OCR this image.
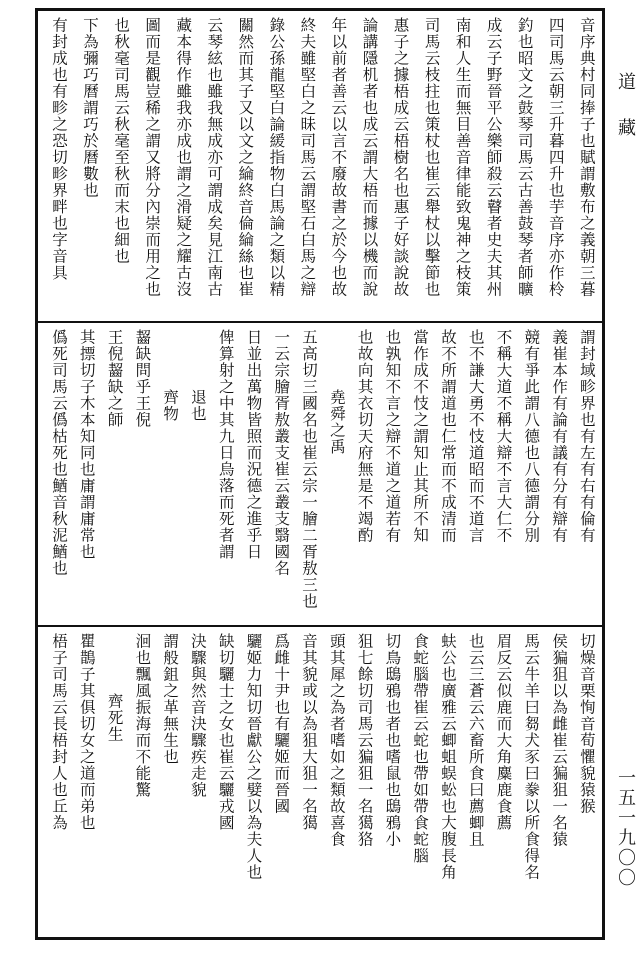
音序典村同捧子也賦謂敷布之義朝三暮
四司馬云朝三升暮四升也芋音序亦作柃
釣也昭文之鼓琴司馬云古善鼓琴者師曠
成云子野晉平公樂師殺云瞽者史夫其州
南和人生而無目善音律能致鬼神之枝策
司馬云枝拄也策杖也崔云舉杖以擊節也
惠子之據梧成云梧樹名也惠子好談說故
論講隱机者也成云謂大梧而據以機而說
年以前者善云以言不廢故書之於今也故
終夫雖堅白之昧司馬云謂堅石白馬之辯
錄公孫龍堅白論緩指物白馬論之類以精
關然而其子又以文之綸終音倫綸絲也崔
云琴絃也雖我無成亦可謂成矣見江南古
藏本得作雖我亦成也謂之滑疑之耀古沒
圖而是觀豈稀之謂又將分內崇而用之也
也秋毫司馬云秋毫至秋而末也細也
下為彌巧曆謂巧於曆數也
有封成也有畛之恐切畛界畔也字音具
謂封域畛界也有左有右有倫有
義崔本作有論有議有分有辯有
競有爭此謂八德也八德謂分別
不稱大道不稱大辯不言大仁不
也不謙大勇不忮道昭而不道言
故不所謂道也仁常而不成清而
當作成不忮之謂知止其所不知
也孰知不言之辯不道之道若有
也故向其衣切天府無是不竭酌
堯舜之禹
五高切三國名也崔云宗一膾二胥敖三也
一云宗膾胥敖叢支崔云叢支翳國名
日並出萬物皆照而況德之進乎日
俾算射之中其九日烏落而死者謂
退也
齊物
齧缺問乎王倪
王倪齧缺之師
其摽切子木本知同也庸謂庸常也
僞死司馬云僞枯死也鰌音秋泥鰌也
切燥音栗恂音荀懼貌猿猴
侯猵狙以為雌崔云猵狙一名猿
馬云牛羊曰芻犬豕曰豢以所食得名
眉反云似鹿而大角麋鹿食薦
也云三蒼云六畜所食曰薦蝍且
蚨公也廣雅云蝍蛆蜈蚣也大腹長角
食蛇腦帶崔云蛇也帶如帶食蛇腦
切鳥鴟鴉也者也嗜鼠也鴟鴉小
狙七餘切司馬云猵狙一名獦狢
頭其犀之為者嗜如之類故喜食
音其貌或以為狙大狙一名獦
爲雌十尹也有驪姬而晉國
驪姬力知切晉獻公之嬖以為夫人也
缺切驪士之女也崔云驪戎國
決驟與然音決驟疾走貌
謂般鉏之革無生也
洄也飄風振海而不能驚
齊死生
瞿鵲子其俱切女之道而弟也
梧子司馬云長梧封人也丘為
道
藏
一五一九〇〇
